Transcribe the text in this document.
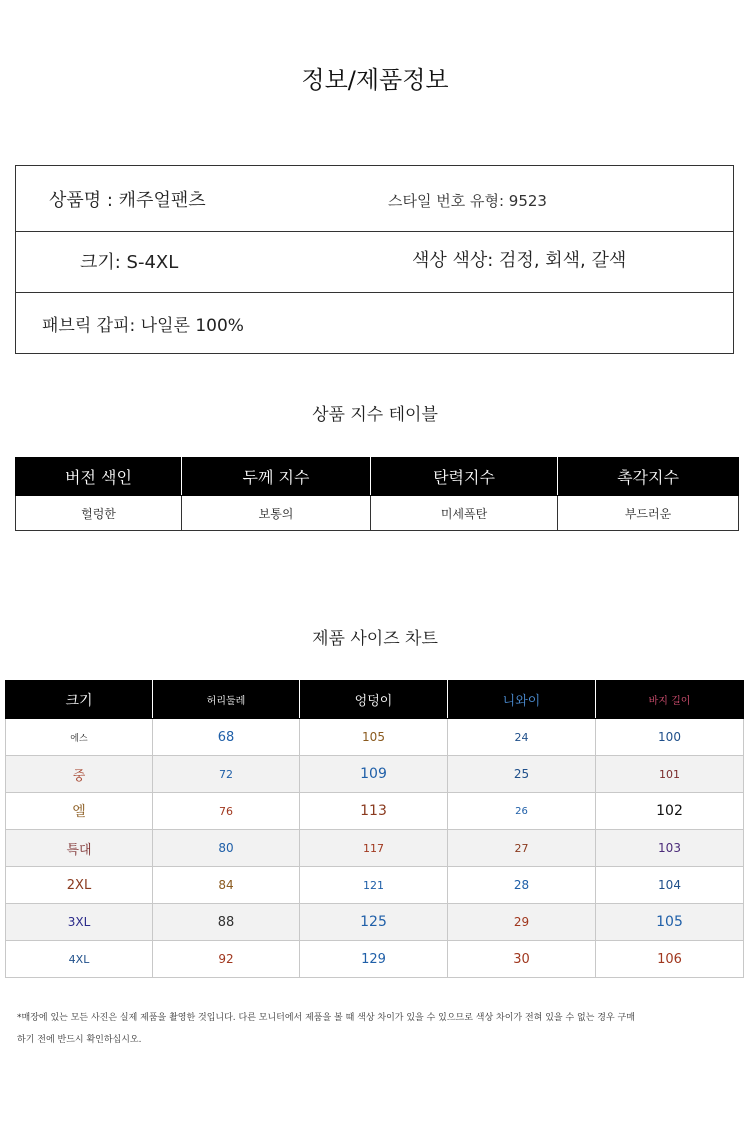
정보/제품정보
상품명 : 캐주얼팬츠	스타일 번호 유형: 9523
크기: S-4XL	색상 색상: 검정, 회색, 갈색
패브릭 갑피: 나일론 100%
상품 지수 테이블
버전 색인	두께 지수	탄력지수	촉각지수
헐렁한	보통의	미세폭탄	부드러운
제품 사이즈 차트
크기	허리둘레	엉덩이	니와이	바지 길이
에스	68	105	24	100
중	72	109	25	101
엘	76	113	26	102
특대	80	117	27	103
2XL	84	121	28	104
3XL	88	125	29	105
4XL	92	129	30	106
*매장에 있는 모든 사진은 실제 제품을 촬영한 것입니다. 다른 모니터에서 제품을 볼 때 색상 차이가 있을 수 있으므로 색상 차이가 전혀 있을 수 없는 경우 구매
하기 전에 반드시 확인하십시오.
